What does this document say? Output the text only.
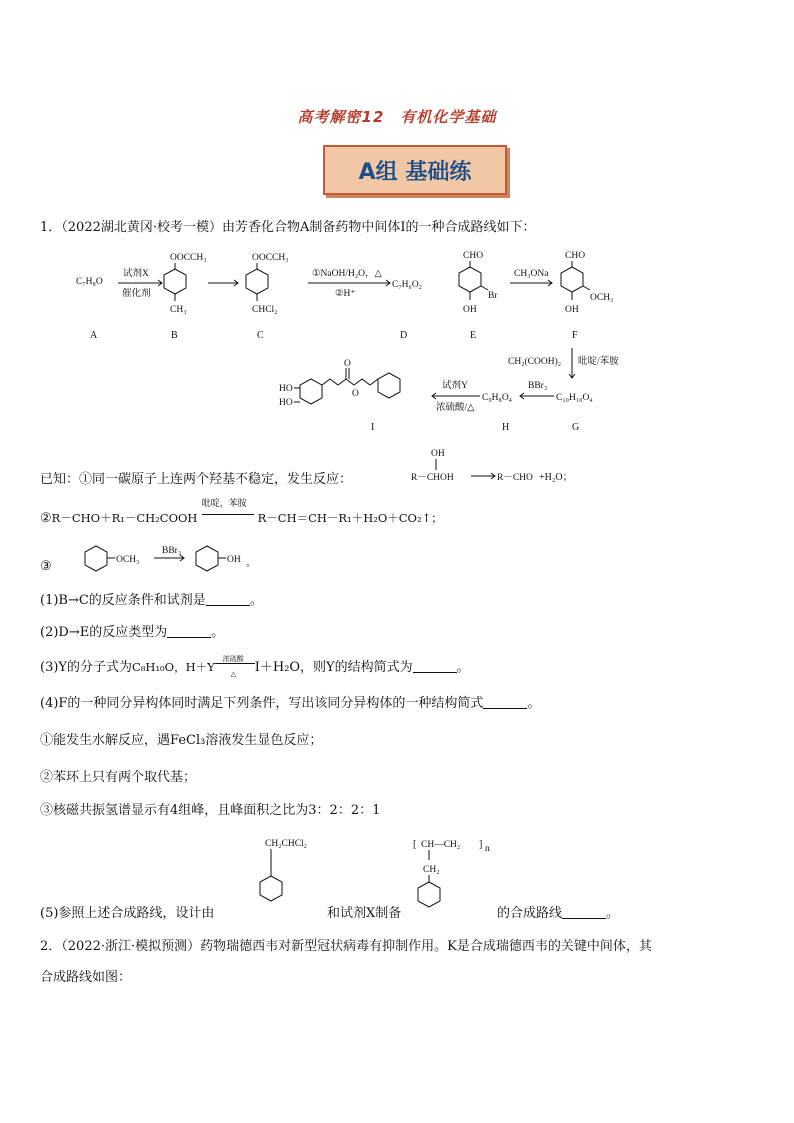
高考解密12　有机化学基础
A组 基础练
1．（2022湖北黄冈·校考一模）由芳香化合物A制备药物中间体I的一种合成路线如下：
C₇H₈O
试剂X
催化剂
OOCCH₃
CH₃
OOCCH₃
CHCl₂
①NaOH/H₂O，△
②H⁺
C₇H₆O₂
CHO
Br
OH
CH₃ONa
CHO
OCH₃
OH
A	B	C	D	E	F
CH₂(COOH)₂ 吡啶/苯胺
C₁₀H₁₀O₄
BBr₃
C₉H₈O₄
试剂Y
浓硫酸/△
HO
HO
O
O
I	H	G
已知：①同一碳原子上连两个羟基不稳定，发生反应：
OH
R－CHOH	R－CHO +H₂O；
②R－CHO＋R₁－CH₂COOH
吡啶，苯胺
R－CH＝CH－R₁＋H₂O＋CO₂↑；
③	OCH₃
BBr₃
OH 。
(1)B→C的反应条件和试剂是	。
(2)D→E的反应类型为	。
(3)Y的分子式为C₈H₁₀O，H＋Y
浓硫酸
△ I＋H₂O，则Y的结构简式为	。
(4)F的一种同分异构体同时满足下列条件，写出该同分异构体的一种结构简式	。
①能发生水解反应，遇FeCl₃溶液发生显色反应；
②苯环上只有两个取代基；
③核磁共振氢谱显示有4组峰，且峰面积之比为3：2：2：1
CH₂CHCl₂	[ CH—CH₂ ] n
CH₂
(5)参照上述合成路线，设计由	和试剂X制备	的合成路线	。
2．（2022·浙江·模拟预测）药物瑞德西韦对新型冠状病毒有抑制作用。K是合成瑞德西韦的关键中间体，其
合成路线如图：
